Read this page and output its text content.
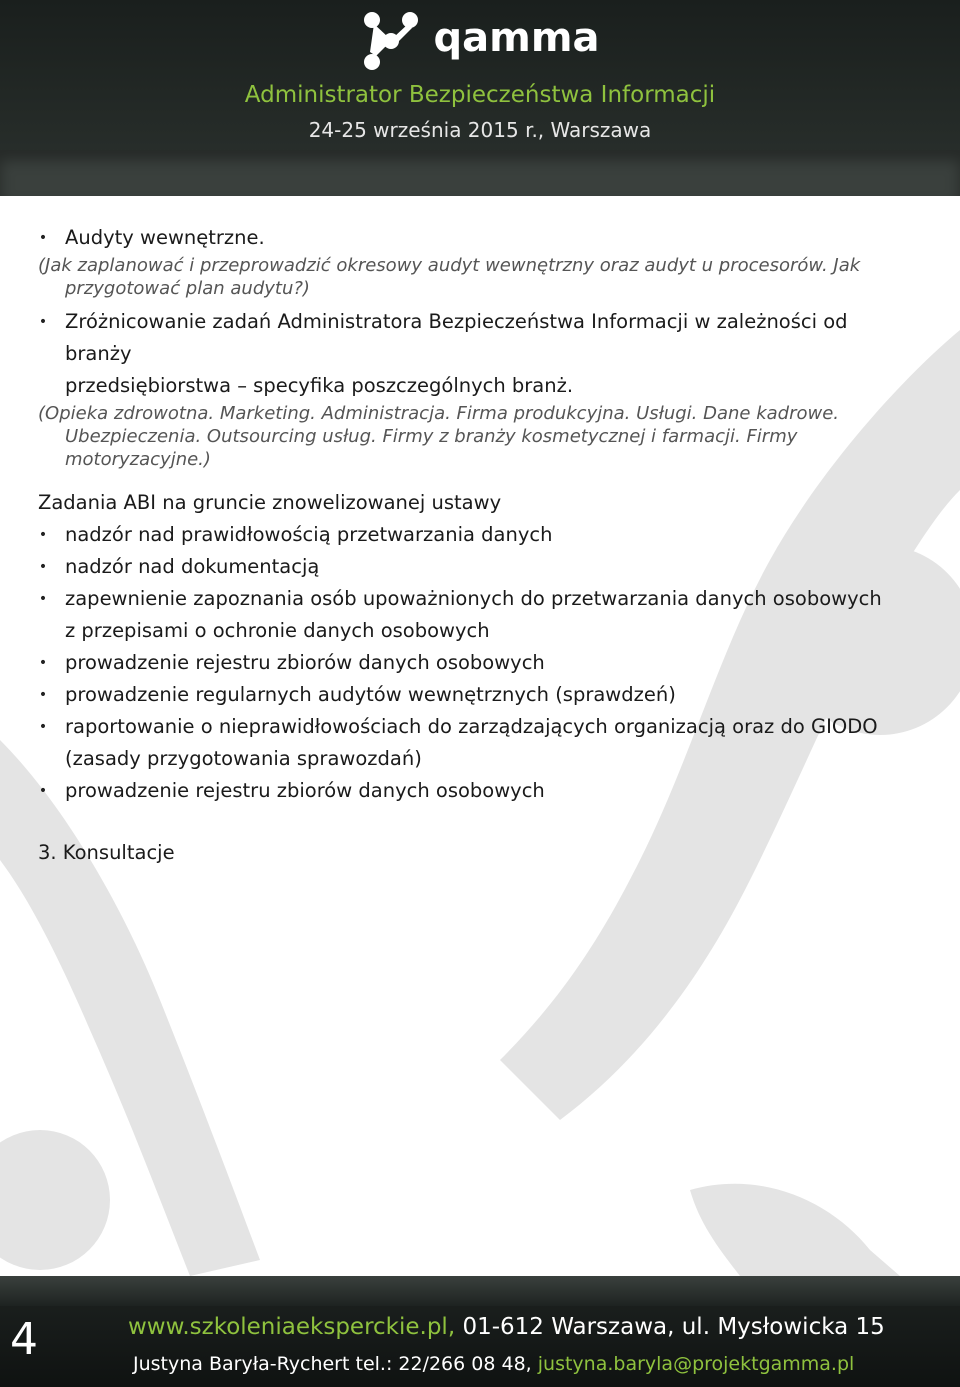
qamma
Administrator Bezpieczeństwa Informacji
24-25 września 2015 r., Warszawa
• Audyty wewnętrzne.
(Jak zaplanować i przeprowadzić okresowy audyt wewnętrzny oraz audyt u procesorów. Jak
przygotować plan audytu?)
• Zróżnicowanie zadań Administratora Bezpieczeństwa Informacji w zależności od branży
przedsiębiorstwa – specyfika poszczególnych branż.
(Opieka zdrowotna. Marketing. Administracja. Firma produkcyjna. Usługi. Dane kadrowe.
Ubezpieczenia. Outsourcing usług. Firmy z branży kosmetycznej i farmacji. Firmy
motoryzacyjne.)
Zadania ABI na gruncie znowelizowanej ustawy
• nadzór nad prawidłowością przetwarzania danych
• nadzór nad dokumentacją
• zapewnienie zapoznania osób upoważnionych do przetwarzania danych osobowych
z przepisami o ochronie danych osobowych
• prowadzenie rejestru zbiorów danych osobowych
• prowadzenie regularnych audytów wewnętrznych (sprawdzeń)
• raportowanie o nieprawidłowościach do zarządzających organizacją oraz do GIODO
(zasady przygotowania sprawozdań)
• prowadzenie rejestru zbiorów danych osobowych
3. Konsultacje
4	www.szkoleniaeksperckie.pl, 01-612 Warszawa, ul. Mysłowicka 15
Justyna Baryła-Rychert tel.: 22/266 08 48, justyna.baryla@projektgamma.pl
